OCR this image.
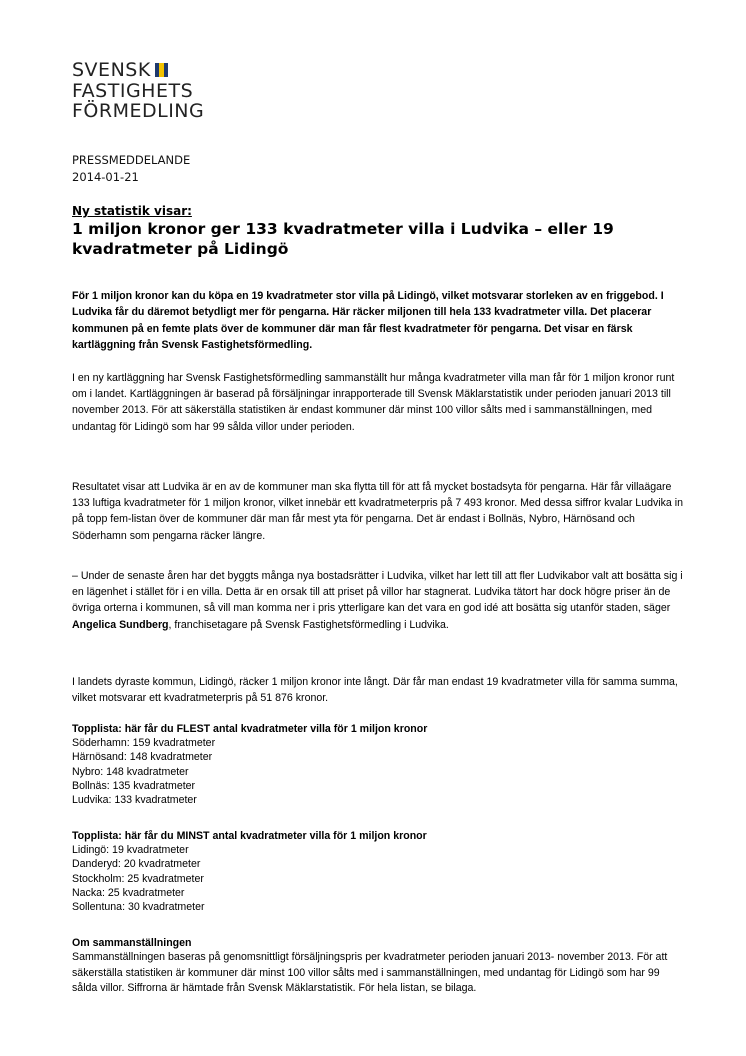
SVENSK
FASTIGHETS
FÖRMEDLING
PRESSMEDDELANDE
2014-01-21
Ny statistik visar:
1 miljon kronor ger 133 kvadratmeter villa i Ludvika – eller 19 kvadratmeter på Lidingö

För 1 miljon kronor kan du köpa en 19 kvadratmeter stor villa på Lidingö, vilket motsvarar storleken av en friggebod. I Ludvika får du däremot betydligt mer för pengarna. Här räcker miljonen till hela 133 kvadratmeter villa. Det placerar kommunen på en femte plats över de kommuner där man får flest kvadratmeter för pengarna. Det visar en färsk kartläggning från Svensk Fastighetsförmedling.

I en ny kartläggning har Svensk Fastighetsförmedling sammanställt hur många kvadratmeter villa man får för 1 miljon kronor runt om i landet. Kartläggningen är baserad på försäljningar inrapporterade till Svensk Mäklarstatistik under perioden januari 2013 till november 2013. För att säkerställa statistiken är endast kommuner där minst 100 villor sålts med i sammanställningen, med undantag för Lidingö som har 99 sålda villor under perioden.

Resultatet visar att Ludvika är en av de kommuner man ska flytta till för att få mycket bostadsyta för pengarna. Här får villaägare 133 luftiga kvadratmeter för 1 miljon kronor, vilket innebär ett kvadratmeterpris på 7 493 kronor. Med dessa siffror kvalar Ludvika in på topp fem-listan över de kommuner där man får mest yta för pengarna. Det är endast i Bollnäs, Nybro, Härnösand och Söderhamn som pengarna räcker längre.

– Under de senaste åren har det byggts många nya bostadsrätter i Ludvika, vilket har lett till att fler Ludvikabor valt att bosätta sig i en lägenhet i stället för i en villa. Detta är en orsak till att priset på villor har stagnerat. Ludvika tätort har dock högre priser än de övriga orterna i kommunen, så vill man komma ner i pris ytterligare kan det vara en god idé att bosätta sig utanför staden, säger Angelica Sundberg, franchisetagare på Svensk Fastighetsförmedling i Ludvika.

I landets dyraste kommun, Lidingö, räcker 1 miljon kronor inte långt. Där får man endast 19 kvadratmeter villa för samma summa, vilket motsvarar ett kvadratmeterpris på 51 876 kronor.

Topplista: här får du FLEST antal kvadratmeter villa för 1 miljon kronor
Söderhamn: 159 kvadratmeter
Härnösand: 148 kvadratmeter
Nybro: 148 kvadratmeter
Bollnäs: 135 kvadratmeter
Ludvika: 133 kvadratmeter
Topplista: här får du MINST antal kvadratmeter villa för 1 miljon kronor
Lidingö: 19 kvadratmeter
Danderyd: 20 kvadratmeter
Stockholm: 25 kvadratmeter
Nacka: 25 kvadratmeter
Sollentuna: 30 kvadratmeter
Om sammanställningen

Sammanställningen baseras på genomsnittligt försäljningspris per kvadratmeter perioden januari 2013- november 2013. För att säkerställa statistiken är kommuner där minst 100 villor sålts med i sammanställningen, med undantag för Lidingö som har 99 sålda villor. Siffrorna är hämtade från Svensk Mäklarstatistik. För hela listan, se bilaga.
